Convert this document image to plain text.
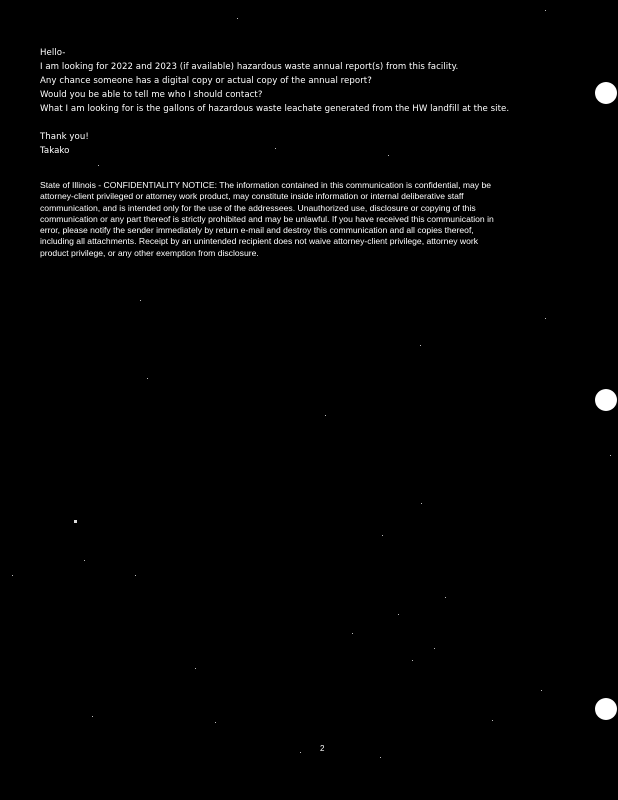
Hello-

I am looking for 2022 and 2023 (if available) hazardous waste annual report(s) from this facility.

Any chance someone has a digital copy or actual copy of the annual report?

Would you be able to tell me who I should contact?

What I am looking for is the gallons of hazardous waste leachate generated from the HW landfill at the site.

Thank you!

Takako

State of Illinois - CONFIDENTIALITY NOTICE: The information contained in this communication is confidential, may be

attorney-client privileged or attorney work product, may constitute inside information or internal deliberative staff

communication, and is intended only for the use of the addressees. Unauthorized use, disclosure or copying of this

communication or any part thereof is strictly prohibited and may be unlawful. If you have received this communication in

error, please notify the sender immediately by return e-mail and destroy this communication and all copies thereof,

including all attachments. Receipt by an unintended recipient does not waive attorney-client privilege, attorney work

product privilege, or any other exemption from disclosure.

2
